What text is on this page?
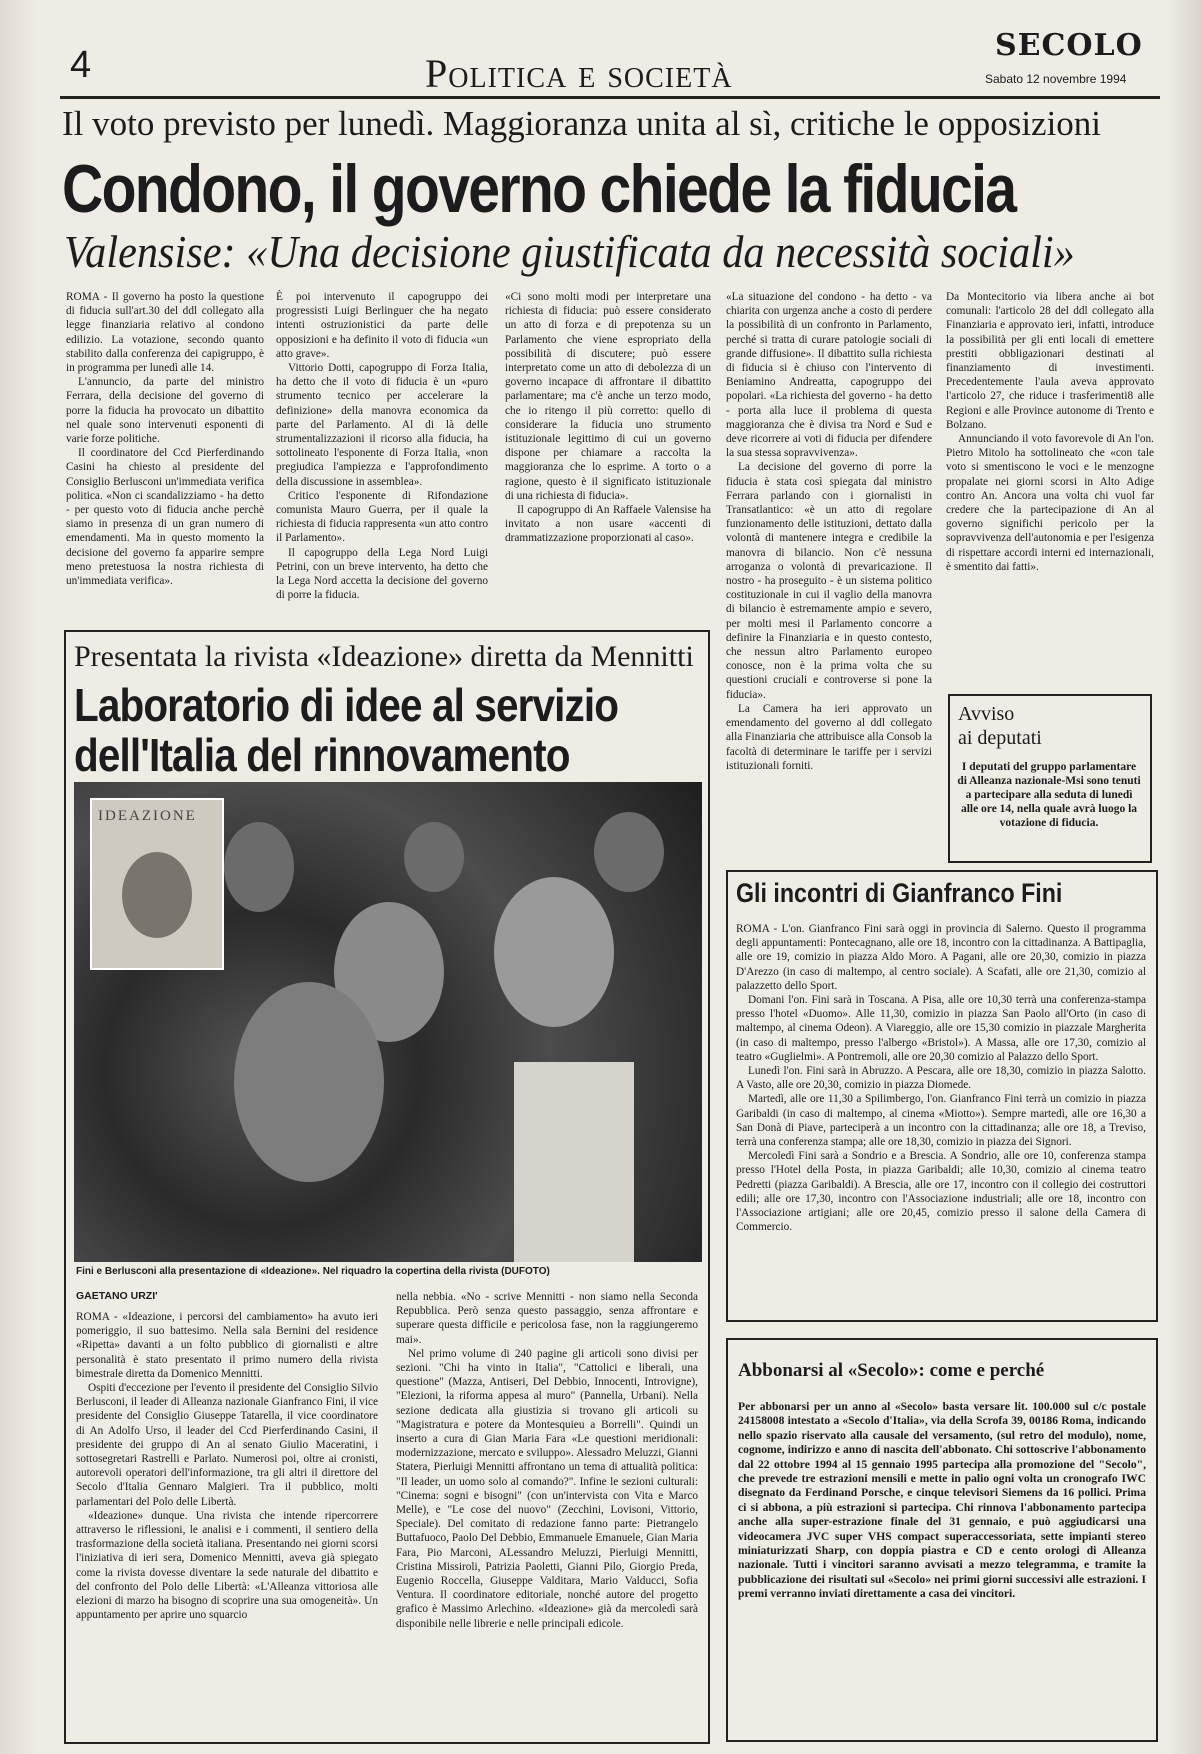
4	Politica e società
SECOLO
Sabato 12 novembre 1994
Il voto previsto per lunedì. Maggioranza unita al sì, critiche le opposizioni
Condono, il governo chiede la fiducia
Valensise: «Una decisione giustificata da necessità sociali»

ROMA - Il governo ha posto la questione di fiducia sull'art.30 del ddl collegato alla legge finanziaria relativo al condono edilizio. La votazione, secondo quanto stabilito dalla conferenza dei capigruppo, è in programma per lunedì alle 14.

L'annuncio, da parte del ministro Ferrara, della decisione del governo di porre la fiducia ha provocato un dibattito nel quale sono intervenuti esponenti di varie forze politiche.

Il coordinatore del Ccd Pierferdinando Casini ha chiesto al presidente del Consiglio Berlusconi un'immediata verifica politica. «Non ci scandalizziamo - ha detto - per questo voto di fiducia anche perchè siamo in presenza di un gran numero di emendamenti. Ma in questo momento la decisione del governo fa apparire sempre meno pretestuosa la nostra richiesta di un'immediata verifica».

È poi intervenuto il capogruppo dei progressisti Luigi Berlinguer che ha negato intenti ostruzionistici da parte delle opposizioni e ha definito il voto di fiducia «un atto grave».

Vittorio Dotti, capogruppo di Forza Italia, ha detto che il voto di fiducia è un «puro strumento tecnico per accelerare la definizione» della manovra economica da parte del Parlamento. Al di là delle strumentalizzazioni il ricorso alla fiducia, ha sottolineato l'esponente di Forza Italia, «non pregiudica l'ampiezza e l'approfondimento della discussione in assemblea».

Critico l'esponente di Rifondazione comunista Mauro Guerra, per il quale la richiesta di fiducia rappresenta «un atto contro il Parlamento».

Il capogruppo della Lega Nord Luigi Petrini, con un breve intervento, ha detto che la Lega Nord accetta la decisione del governo di porre la fiducia.

«Ci sono molti modi per interpretare una richiesta di fiducia: può essere considerato un atto di forza e di prepotenza su un Parlamento che viene espropriato della possibilità di discutere; può essere interpretato come un atto di debolezza di un governo incapace di affrontare il dibattito parlamentare; ma c'è anche un terzo modo, che io ritengo il più corretto: quello di considerare la fiducia uno strumento istituzionale legittimo di cui un governo dispone per chiamare a raccolta la maggioranza che lo esprime. A torto o a ragione, questo è il significato istituzionale di una richiesta di fiducia».

Il capogruppo di An Raffaele Valensise ha invitato a non usare «accenti di drammatizzazione proporzionati al caso».

«La situazione del condono - ha detto - va chiarita con urgenza anche a costo di perdere la possibilità di un confronto in Parlamento, perché si tratta di curare patologie sociali di grande diffusione». Il dibattito sulla richiesta di fiducia si è chiuso con l'intervento di Beniamino Andreatta, capogruppo dei popolari. «La richiesta del governo - ha detto - porta alla luce il problema di questa maggioranza che è divisa tra Nord e Sud e deve ricorrere ai voti di fiducia per difendere la sua stessa sopravvivenza».

La decisione del governo di porre la fiducia è stata così spiegata dal ministro Ferrara parlando con i giornalisti in Transatlantico: «è un atto di regolare funzionamento delle istituzioni, dettato dalla volontà di mantenere integra e credibile la manovra di bilancio. Non c'è nessuna arroganza o volontà di prevaricazione. Il nostro - ha proseguito - è un sistema politico costituzionale in cui il vaglio della manovra di bilancio è estremamente ampio e severo, per molti mesi il Parlamento concorre a definire la Finanziaria e in questo contesto, che nessun altro Parlamento europeo conosce, non è la prima volta che su questioni cruciali e controverse si pone la fiducia».

La Camera ha ieri approvato un emendamento del governo al ddl collegato alla Finanziaria che attribuisce alla Consob la facoltà di determinare le tariffe per i servizi istituzionali forniti.

Da Montecitorio via libera anche ai bot comunali: l'articolo 28 del ddl collegato alla Finanziaria e approvato ieri, infatti, introduce la possibilità per gli enti locali di emettere prestiti obbligazionari destinati al finanziamento di investimenti. Precedentemente l'aula aveva approvato l'articolo 27, che riduce i trasferimenti8 alle Regioni e alle Province autonome di Trento e Bolzano.

Annunciando il voto favorevole di An l'on. Pietro Mitolo ha sottolineato che «con tale voto si smentiscono le voci e le menzogne propalate nei giorni scorsi in Alto Adige contro An. Ancora una volta chi vuol far credere che la partecipazione di An al governo significhi pericolo per la sopravvivenza dell'autonomia e per l'esigenza di rispettare accordi interni ed internazionali, è smentito dai fatti».

Presentata la rivista «Ideazione» diretta da Mennitti
Laboratorio di idee al servizio
dell'Italia del rinnovamento
IDEAZIONE
Fini e Berlusconi alla presentazione di «Ideazione». Nel riquadro la copertina della rivista (DUFOTO)
GAETANO URZI'

ROMA - «Ideazione, i percorsi del cambiamento» ha avuto ieri pomeriggio, il suo battesimo. Nella sala Bernini del residence «Ripetta» davanti a un folto pubblico di giornalisti e altre personalità è stato presentato il primo numero della rivista bimestrale diretta da Domenico Mennitti.

Ospiti d'eccezione per l'evento il presidente del Consiglio Silvio Berlusconi, il leader di Alleanza nazionale Gianfranco Fini, il vice presidente del Consiglio Giuseppe Tatarella, il vice coordinatore di An Adolfo Urso, il leader del Ccd Pierferdinando Casini, il presidente dei gruppo di An al senato Giulio Maceratini, i sottosegretari Rastrelli e Parlato. Numerosi poi, oltre ai cronisti, autorevoli operatori dell'informazione, tra gli altri il direttore del Secolo d'Italia Gennaro Malgieri. Tra il pubblico, molti parlamentari del Polo delle Libertà.

«Ideazione» dunque. Una rivista che intende ripercorrere attraverso le riflessioni, le analisi e i commenti, il sentiero della trasformazione della società italiana. Presentando nei giorni scorsi l'iniziativa di ieri sera, Domenico Mennitti, aveva già spiegato come la rivista dovesse diventare la sede naturale del dibattito e del confronto del Polo delle Libertà: «L'Alleanza vittoriosa alle elezioni di marzo ha bisogno di scoprire una sua omogeneità». Un appuntamento per aprire uno squarcio

nella nebbia. «No - scrive Mennitti - non siamo nella Seconda Repubblica. Però senza questo passaggio, senza affrontare e superare questa difficile e pericolosa fase, non la raggiungeremo mai».

Nel primo volume di 240 pagine gli articoli sono divisi per sezioni. "Chi ha vinto in Italia", "Cattolici e liberali, una questione" (Mazza, Antiseri, Del Debbio, Innocenti, Introvigne), "Elezioni, la riforma appesa al muro" (Pannella, Urbani). Nella sezione dedicata alla giustizia si trovano gli articoli su "Magistratura e potere da Montesquieu a Borrelli". Quindi un inserto a cura di Gian Maria Fara «Le questioni meridionali: modernizzazione, mercato e sviluppo». Alessadro Meluzzi, Gianni Statera, Pierluigi Mennitti affrontano un tema di attualità politica: "Il leader, un uomo solo al comando?". Infine le sezioni culturali: "Cinema: sogni e bisogni" (con un'intervista con Vita e Marco Melle), e "Le cose del nuovo" (Zecchini, Lovisoni, Vittorio, Speciale). Del comitato di redazione fanno parte: Pietrangelo Buttafuoco, Paolo Del Debbio, Emmanuele Emanuele, Gian Maria Fara, Pio Marconi, ALessandro Meluzzi, Pierluigi Mennitti, Cristina Missiroli, Patrizia Paoletti, Gianni Pilo, Giorgio Preda, Eugenio Roccella, Giuseppe Valditara, Mario Valducci, Sofia Ventura. Il coordinatore editoriale, nonché autore del progetto grafico è Massimo Arlechino. «Ideazione» già da mercoledì sarà disponibile nelle librerie e nelle principali edicole.

Avviso
ai deputati
I deputati del gruppo parlamentare di Alleanza nazionale-Msi sono tenuti a partecipare alla seduta di lunedì alle ore 14, nella quale avrà luogo la votazione di fiducia.
Gli incontri di Gianfranco Fini

ROMA - L'on. Gianfranco Fini sarà oggi in provincia di Salerno. Questo il programma degli appuntamenti: Pontecagnano, alle ore 18, incontro con la cittadinanza. A Battipaglia, alle ore 19, comizio in piazza Aldo Moro. A Pagani, alle ore 20,30, comizio in piazza D'Arezzo (in caso di maltempo, al centro sociale). A Scafati, alle ore 21,30, comizio al palazzetto dello Sport.

Domani l'on. Fini sarà in Toscana. A Pisa, alle ore 10,30 terrà una conferenza-stampa presso l'hotel «Duomo». Alle 11,30, comizio in piazza San Paolo all'Orto (in caso di maltempo, al cinema Odeon). A Viareggio, alle ore 15,30 comizio in piazzale Margherita (in caso di maltempo, presso l'albergo «Bristol»). A Massa, alle ore 17,30, comizio al teatro «Guglielmi». A Pontremoli, alle ore 20,30 comizio al Palazzo dello Sport.

Lunedì l'on. Fini sarà in Abruzzo. A Pescara, alle ore 18,30, comizio in piazza Salotto. A Vasto, alle ore 20,30, comizio in piazza Diomede.

Martedì, alle ore 11,30 a Spilimbergo, l'on. Gianfranco Fini terrà un comizio in piazza Garibaldi (in caso di maltempo, al cinema «Miotto»). Sempre martedì, alle ore 16,30 a San Donà di Piave, parteciperà a un incontro con la cittadinanza; alle ore 18, a Treviso, terrà una conferenza stampa; alle ore 18,30, comizio in piazza dei Signori.

Mercoledì Fini sarà a Sondrio e a Brescia. A Sondrio, alle ore 10, conferenza stampa presso l'Hotel della Posta, in piazza Garibaldi; alle 10,30, comizio al cinema teatro Pedretti (piazza Garibaldi). A Brescia, alle ore 17, incontro con il collegio dei costruttori edili; alle ore 17,30, incontro con l'Associazione industriali; alle ore 18, incontro con l'Associazione artigiani; alle ore 20,45, comizio presso il salone della Camera di Commercio.

Abbonarsi al «Secolo»: come e perché
Per abbonarsi per un anno al «Secolo» basta versare lit. 100.000 sul c/c postale 24158008 intestato a «Secolo d'Italia», via della Scrofa 39, 00186 Roma, indicando nello spazio riservato alla causale del versamento, (sul retro del modulo), nome, cognome, indirizzo e anno di nascita dell'abbonato. Chi sottoscrive l'abbonamento dal 22 ottobre 1994 al 15 gennaio 1995 partecipa alla promozione del "Secolo", che prevede tre estrazioni mensili e mette in palio ogni volta un cronografo IWC disegnato da Ferdinand Porsche, e cinque televisori Siemens da 16 pollici. Prima ci si abbona, a più estrazioni si partecipa. Chi rinnova l'abbonamento partecipa anche alla super-estrazione finale del 31 gennaio, e può aggiudicarsi una videocamera JVC super VHS compact superaccessoriata, sette impianti stereo miniaturizzati Sharp, con doppia piastra e CD e cento orologi di Alleanza nazionale. Tutti i vincitori saranno avvisati a mezzo telegramma, e tramite la pubblicazione dei risultati sul «Secolo» nei primi giorni successivi alle estrazioni. I premi verranno inviati direttamente a casa dei vincitori.
